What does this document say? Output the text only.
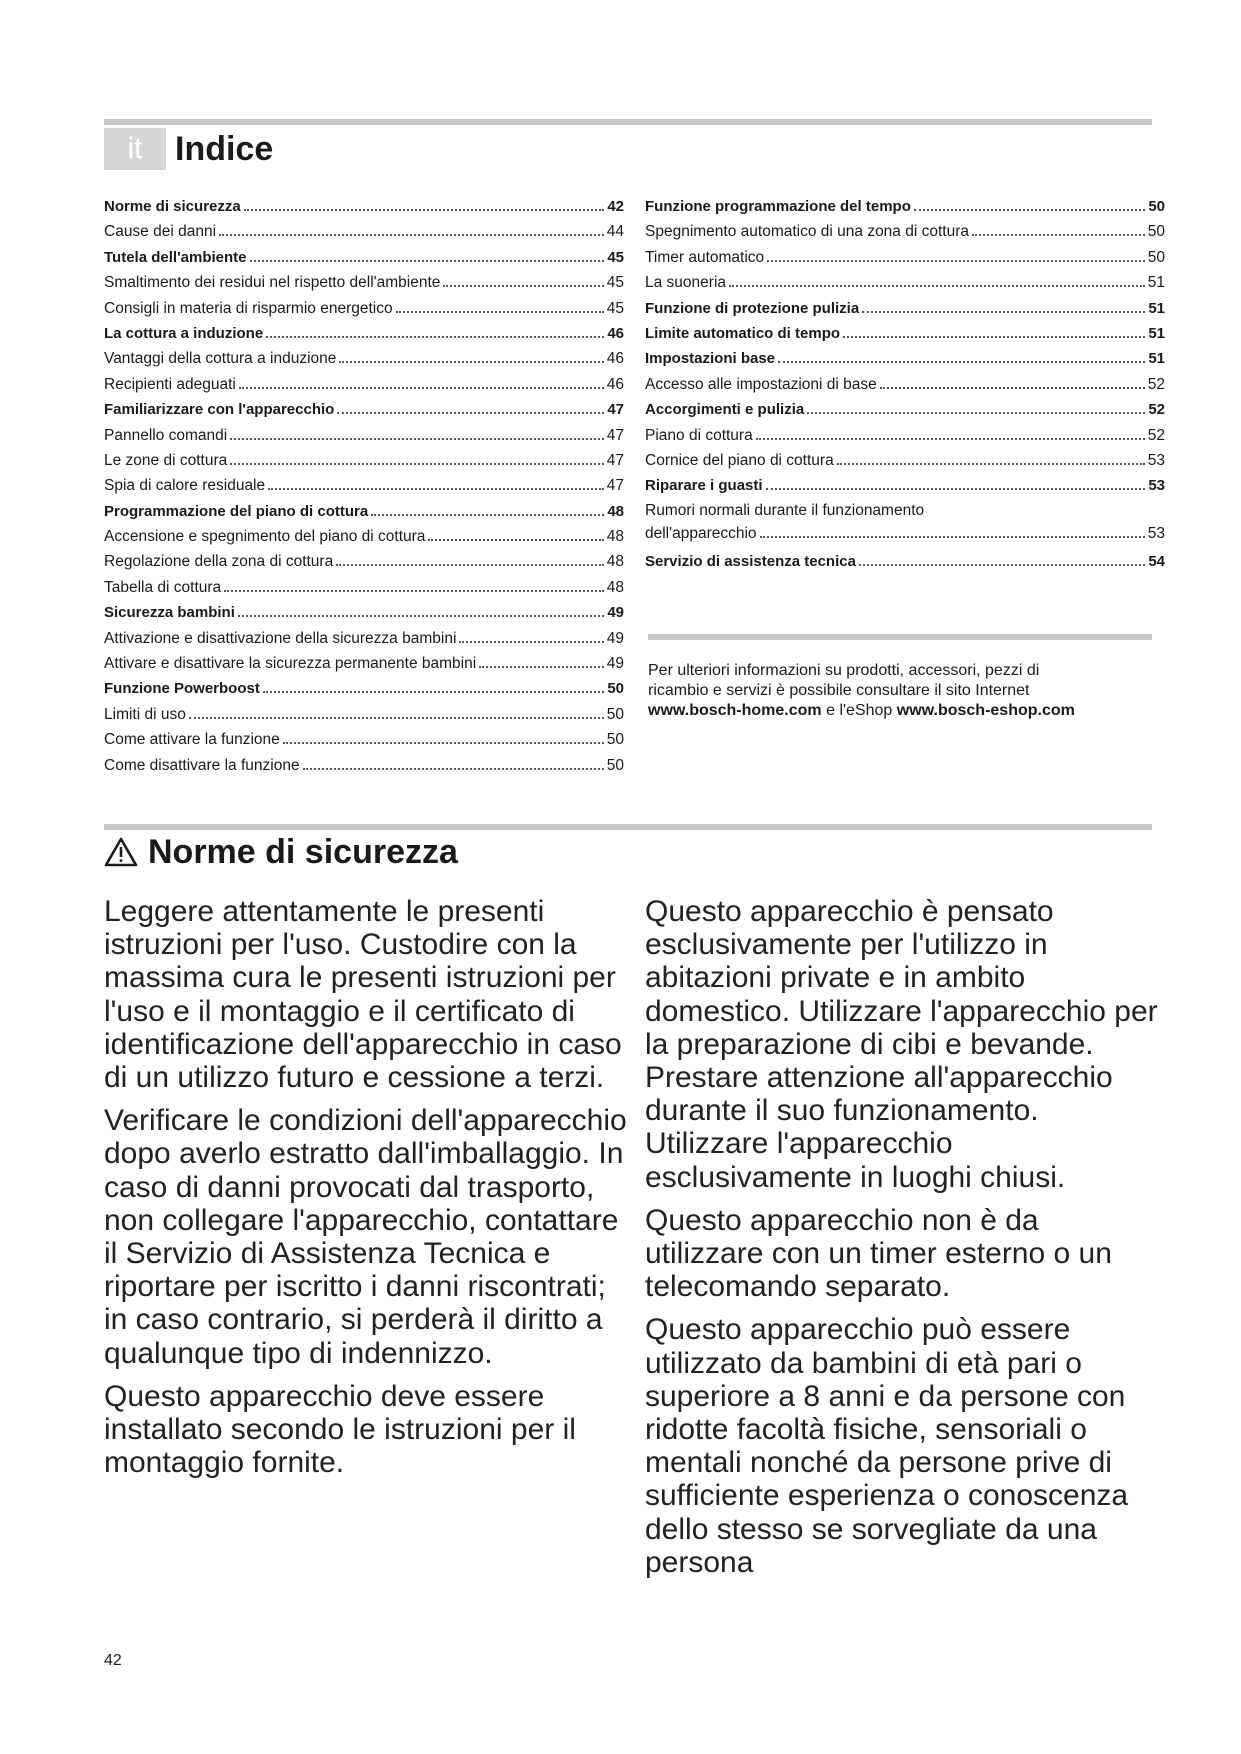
it Indice
Norme di sicurezza	42
Cause dei danni	44
Tutela dell'ambiente	45
Smaltimento dei residui nel rispetto dell'ambiente	45
Consigli in materia di risparmio energetico	45
La cottura a induzione	46
Vantaggi della cottura a induzione	46
Recipienti adeguati	46
Familiarizzare con l'apparecchio	47
Pannello comandi	47
Le zone di cottura	47
Spia di calore residuale	47
Programmazione del piano di cottura	48
Accensione e spegnimento del piano di cottura	48
Regolazione della zona di cottura	48
Tabella di cottura	48
Sicurezza bambini	49
Attivazione e disattivazione della sicurezza bambini	49
Attivare e disattivare la sicurezza permanente bambini	49
Funzione Powerboost	50
Limiti di uso	50
Come attivare la funzione	50
Come disattivare la funzione	50
Funzione programmazione del tempo	50
Spegnimento automatico di una zona di cottura	50
Timer automatico	50
La suoneria	51
Funzione di protezione pulizia	51
Limite automatico di tempo	51
Impostazioni base	51
Accesso alle impostazioni di base	52
Accorgimenti e pulizia	52
Piano di cottura	52
Cornice del piano di cottura	53
Riparare i guasti	53
Rumori normali durante il funzionamento
dell'apparecchio	53
Servizio di assistenza tecnica	54

Per ulteriori informazioni su prodotti, accessori, pezzi di
ricambio e servizi è possibile consultare il sito Internet
www.bosch-home.com e l'eShop www.bosch-eshop.com

Norme di sicurezza

Leggere attentamente le presenti istruzioni per l'uso. Custodire con la massima cura le presenti istruzioni per l'uso e il montaggio e il certificato di identificazione dell'apparecchio in caso di un utilizzo futuro e cessione a terzi.

Verificare le condizioni dell'apparecchio dopo averlo estratto dall'imballaggio. In caso di danni provocati dal trasporto, non collegare l'apparecchio, contattare il Servizio di Assistenza Tecnica e riportare per iscritto i danni riscontrati; in caso contrario, si perderà il diritto a qualunque tipo di indennizzo.

Questo apparecchio deve essere installato secondo le istruzioni per il montaggio fornite.

Questo apparecchio è pensato esclusivamente per l'utilizzo in abitazioni private e in ambito domestico. Utilizzare l'apparecchio per la preparazione di cibi e bevande. Prestare attenzione all'apparecchio durante il suo funzionamento. Utilizzare l'apparecchio esclusivamente in luoghi chiusi.

Questo apparecchio non è da utilizzare con un timer esterno o un telecomando separato.

Questo apparecchio può essere utilizzato da bambini di età pari o superiore a 8 anni e da persone con ridotte facoltà fisiche, sensoriali o mentali nonché da persone prive di sufficiente esperienza o conoscenza dello stesso se sorvegliate da una persona

42
